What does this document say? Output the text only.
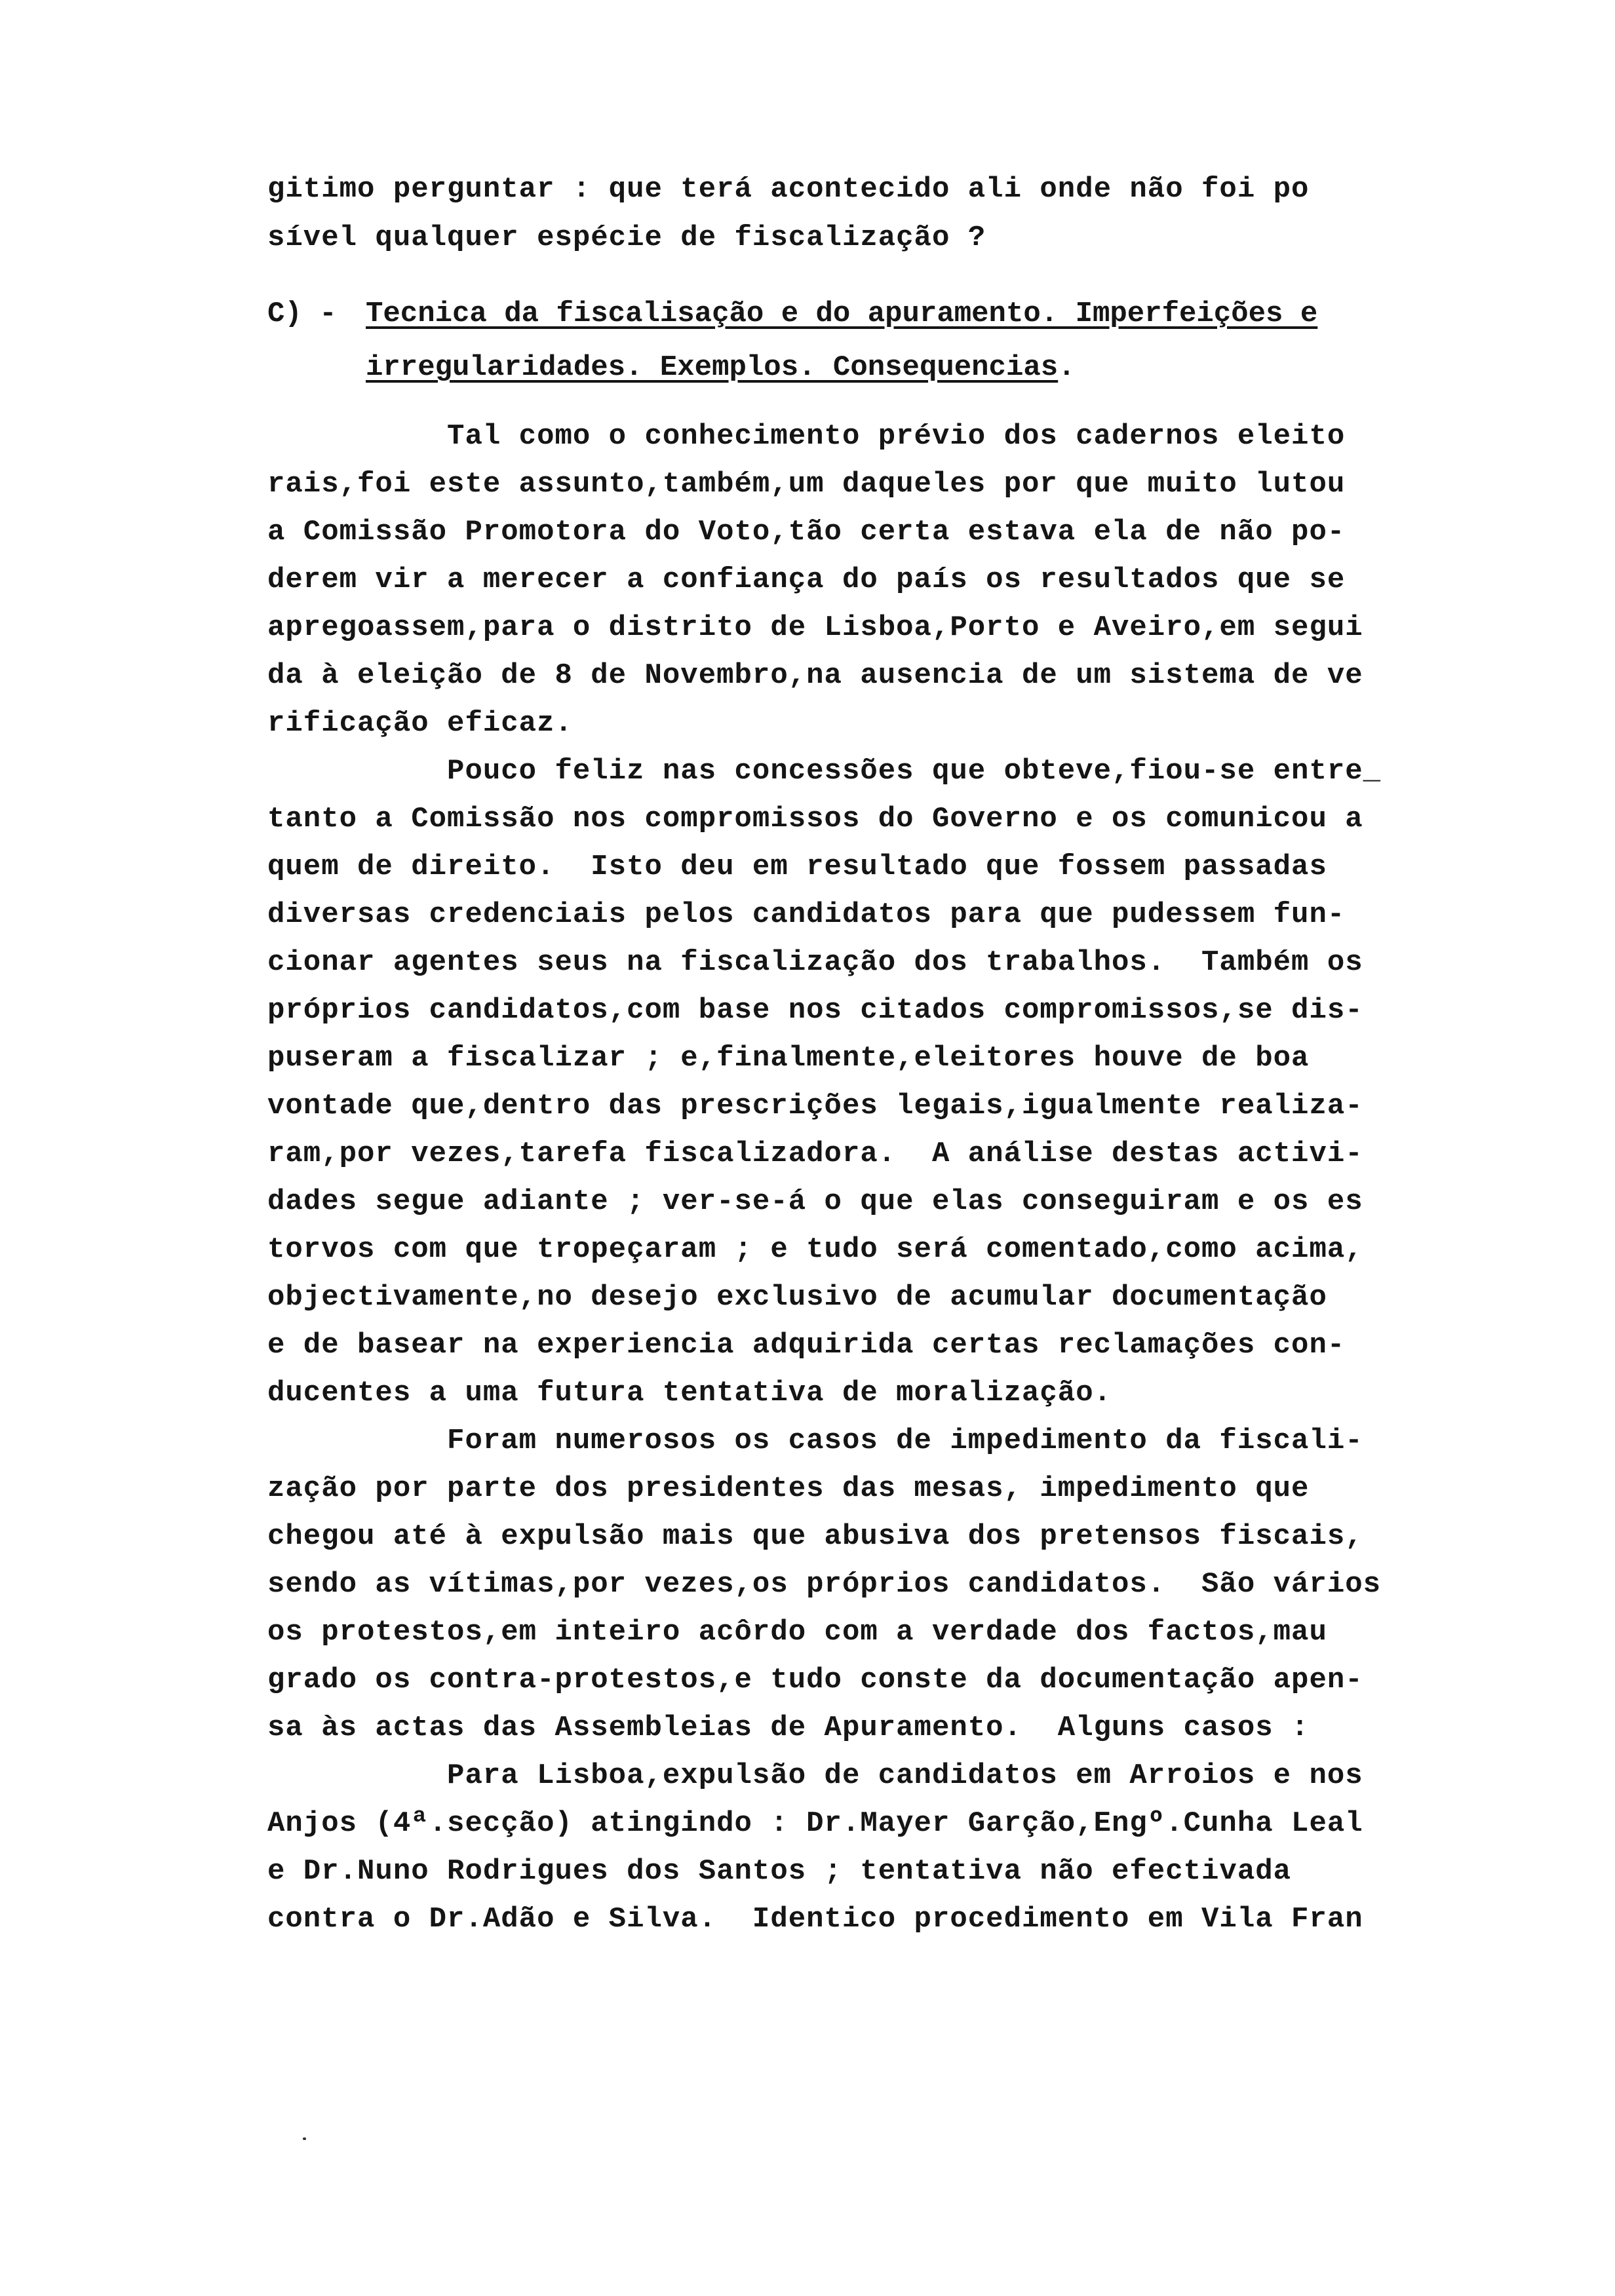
gitimo perguntar : que terá acontecido ali onde não foi po
sível qualquer espécie de fiscalização ?
C) - Tecnica da fiscalisação e do apuramento. Imperfeições e
irregularidades. Exemplos. Consequencias.
Tal como o conhecimento prévio dos cadernos eleito
rais,foi este assunto,também,um daqueles por que muito lutou
a Comissão Promotora do Voto,tão certa estava ela de não po-
derem vir a merecer a confiança do país os resultados que se
apregoassem,para o distrito de Lisboa,Porto e Aveiro,em segui
da à eleição de 8 de Novembro,na ausencia de um sistema de ve
rificação eficaz.
Pouco feliz nas concessões que obteve,fiou-se entre_
tanto a Comissão nos compromissos do Governo e os comunicou a
quem de direito.  Isto deu em resultado que fossem passadas
diversas credenciais pelos candidatos para que pudessem fun-
cionar agentes seus na fiscalização dos trabalhos.  Também os
próprios candidatos,com base nos citados compromissos,se dis-
puseram a fiscalizar ; e,finalmente,eleitores houve de boa
vontade que,dentro das prescrições legais,igualmente realiza-
ram,por vezes,tarefa fiscalizadora.  A análise destas activi-
dades segue adiante ; ver-se-á o que elas conseguiram e os es
torvos com que tropeçaram ; e tudo será comentado,como acima,
objectivamente,no desejo exclusivo de acumular documentação
e de basear na experiencia adquirida certas reclamações con-
ducentes a uma futura tentativa de moralização.
Foram numerosos os casos de impedimento da fiscali-
zação por parte dos presidentes das mesas, impedimento que
chegou até à expulsão mais que abusiva dos pretensos fiscais,
sendo as vítimas,por vezes,os próprios candidatos.  São vários
os protestos,em inteiro acôrdo com a verdade dos factos,mau
grado os contra-protestos,e tudo conste da documentação apen-
sa às actas das Assembleias de Apuramento.  Alguns casos :
Para Lisboa,expulsão de candidatos em Arroios e nos
Anjos (4ª.secção) atingindo : Dr.Mayer Garção,Engº.Cunha Leal
e Dr.Nuno Rodrigues dos Santos ; tentativa não efectivada
contra o Dr.Adão e Silva.  Identico procedimento em Vila Fran
